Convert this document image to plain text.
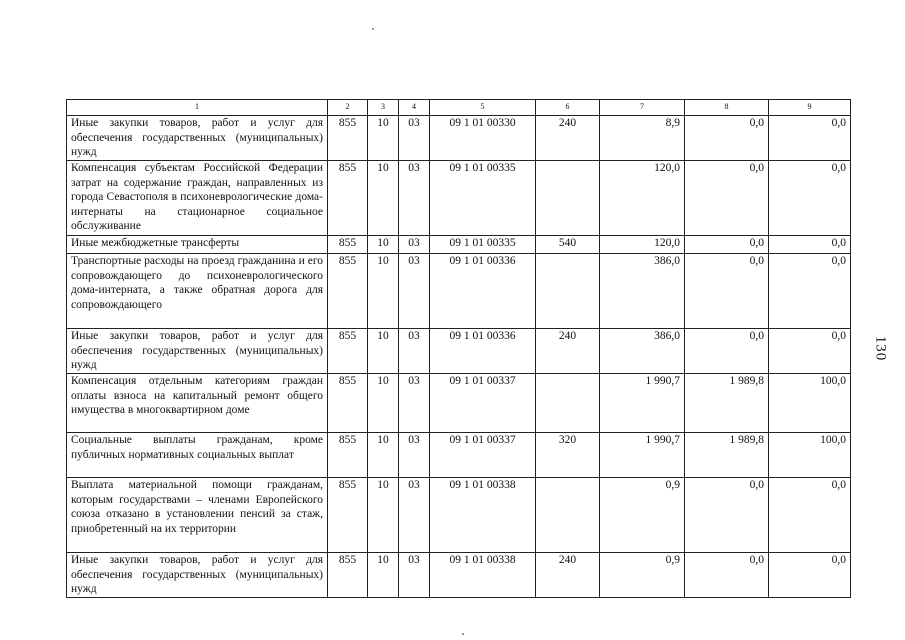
1	2	3	4	5	6	7	8	9
Иные закупки товаров, работ и услуг для обеспечения государственных (муниципальных) нужд	855	10	03	09 1 01 00330	240	8,9	0,0	0,0
Компенсация субъектам Российской Федерации затрат на содержание граждан, направленных из города Севастополя в психоневрологические дома-интернаты на стационарное социальное обслуживание	855	10	03	09 1 01 00335		120,0	0,0	0,0
Иные межбюджетные трансферты	855	10	03	09 1 01 00335	540	120,0	0,0	0,0
Транспортные расходы на проезд гражданина и его сопровождающего до психоневрологического дома-интерната, а также обратная дорога для сопровождающего	855	10	03	09 1 01 00336		386,0	0,0	0,0
Иные закупки товаров, работ и услуг для обеспечения государственных (муниципальных) нужд	855	10	03	09 1 01 00336	240	386,0	0,0	0,0
Компенсация отдельным категориям граждан оплаты взноса на капитальный ремонт общего имущества в многоквартирном доме	855	10	03	09 1 01 00337		1 990,7	1 989,8	100,0
Социальные выплаты гражданам, кроме публичных нормативных социальных выплат	855	10	03	09 1 01 00337	320	1 990,7	1 989,8	100,0
Выплата материальной помощи гражданам, которым государствами – членами Европейского союза отказано в установлении пенсий за стаж, приобретенный на их территории	855	10	03	09 1 01 00338		0,9	0,0	0,0
Иные закупки товаров, работ и услуг для обеспечения государственных (муниципальных) нужд	855	10	03	09 1 01 00338	240	0,9	0,0	0,0
130
